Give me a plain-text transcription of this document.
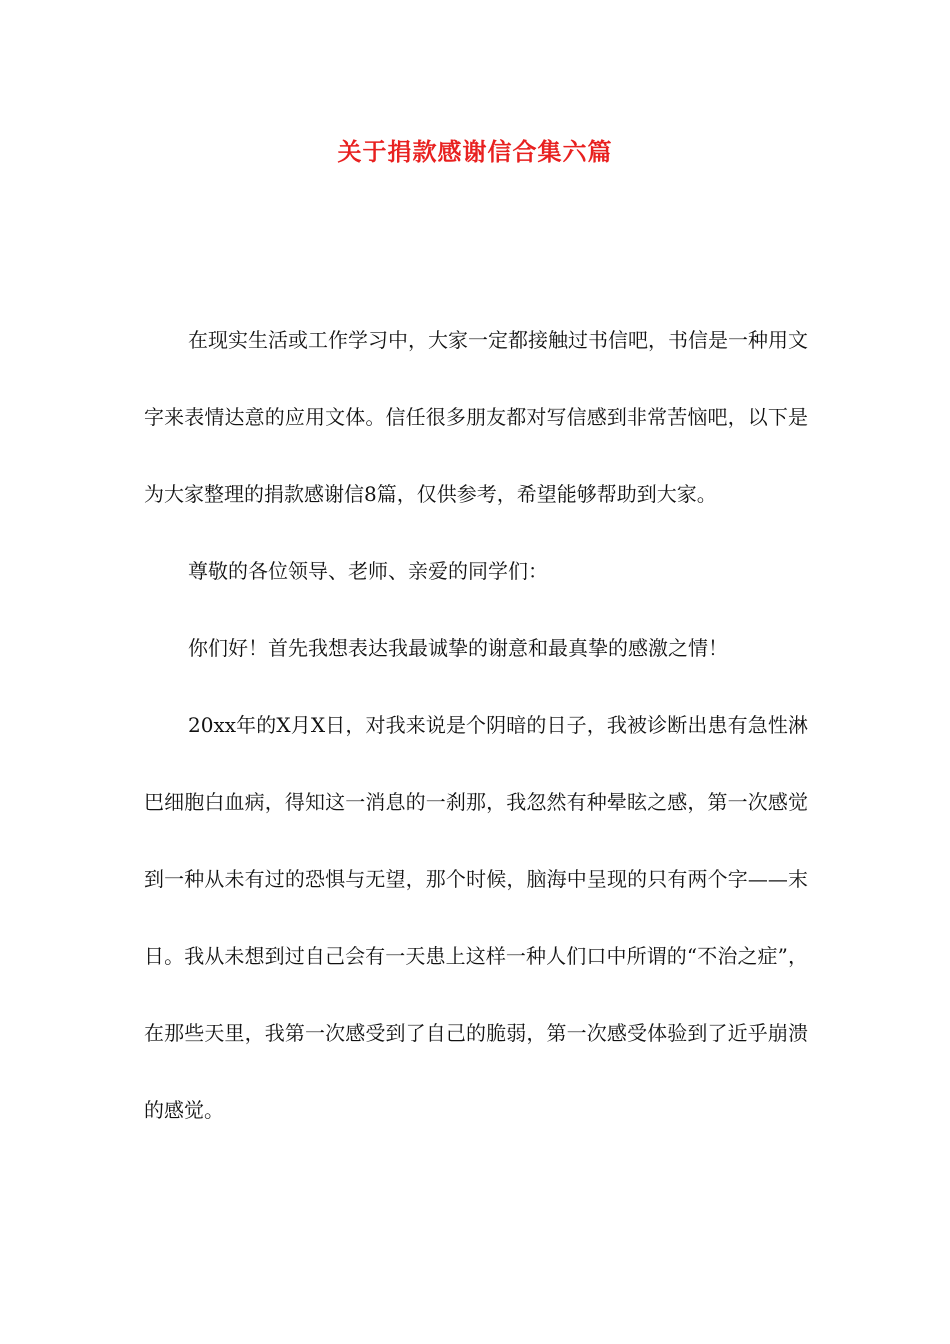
关于捐款感谢信合集六篇

在现实生活或工作学习中，大家一定都接触过书信吧，书信是一种用文字来表情达意的应用文体。信任很多朋友都对写信感到非常苦恼吧，以下是为大家整理的捐款感谢信8篇，仅供参考，希望能够帮助到大家。

尊敬的各位领导、老师、亲爱的同学们：

你们好！首先我想表达我最诚挚的谢意和最真挚的感激之情！

20xx年的X月X日，对我来说是个阴暗的日子，我被诊断出患有急性淋巴细胞白血病，得知这一消息的一刹那，我忽然有种晕眩之感，第一次感觉到一种从未有过的恐惧与无望，那个时候，脑海中呈现的只有两个字——末日。我从未想到过自己会有一天患上这样一种人们口中所谓的“不治之症”，在那些天里，我第一次感受到了自己的脆弱，第一次感受体验到了近乎崩溃的感觉。
